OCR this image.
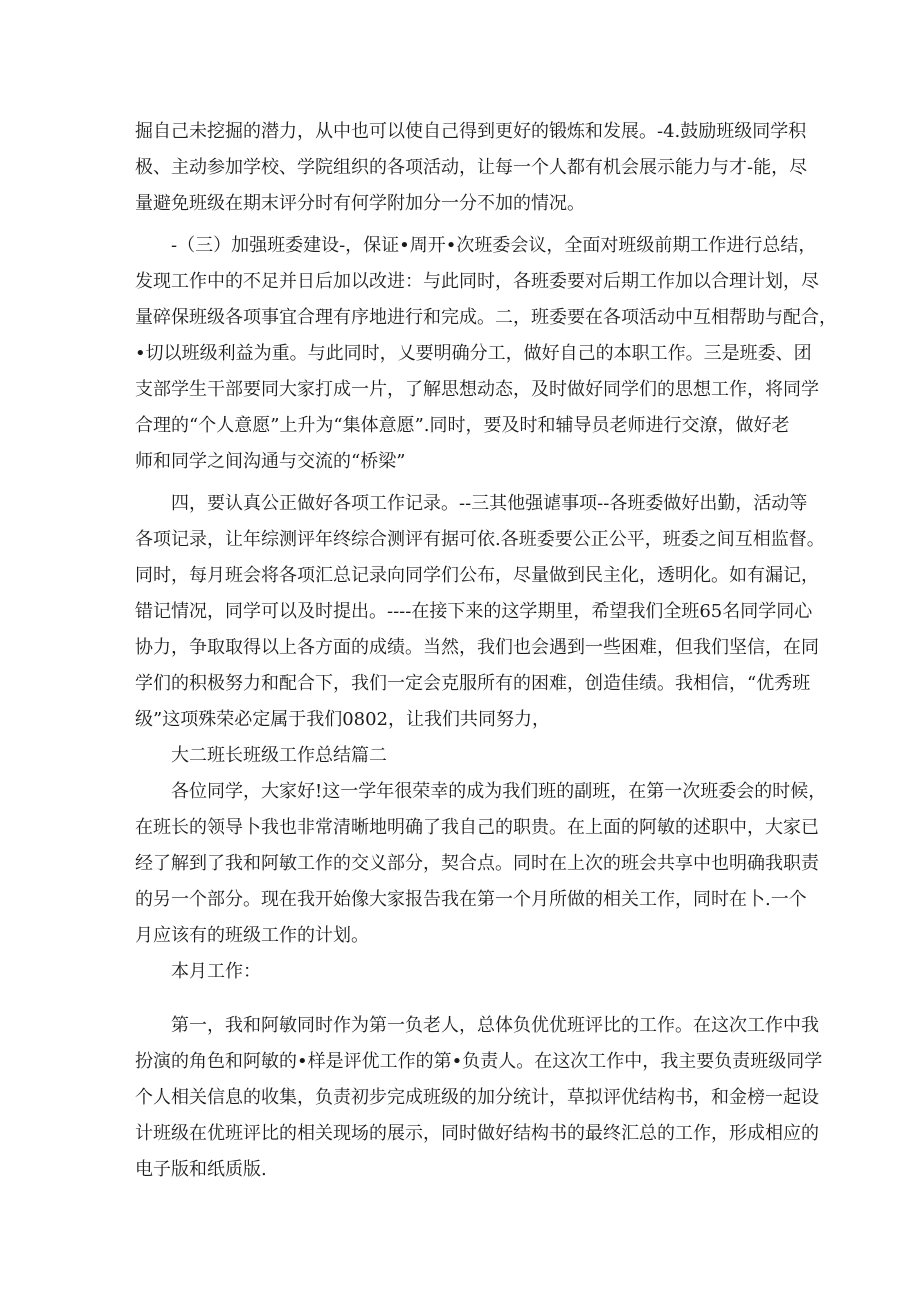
掘自己未挖掘的潜力，从中也可以使自己得到更好的锻炼和发展。-4.鼓励班级同学积
极、主动参加学校、学院组织的各项活动，让每一个人都有机会展示能力与才-能，尽
量避免班级在期末评分时有何学附加分一分不加的情况。

-（三）加强班委建设-，保证•周开•次班委会议，全面对班级前期工作进行总结，
发现工作中的不足并日后加以改进：与此同时，各班委要对后期工作加以合理计划，尽
量碎保班级各项事宜合理有序地进行和完成。二，班委要在各项活动中互相帮助与配合，
•切以班级利益为重。与此同时，乂要明确分工，做好自己的本职工作。三是班委、团
支部学生干部要同大家打成一片，了解思想动态，及时做好同学们的思想工作，将同学
合理的“个人意愿”上升为“集体意愿”.同时，要及时和辅导员老师进行交潦，做好老
师和同学之间沟通与交流的“桥梁”

四，要认真公正做好各项工作记录。--三其他强谑事项--各班委做好出勤，活动等
各项记录，让年综测评年终综合测评有据可依.各班委要公正公平，班委之间互相监督。
同时，每月班会将各项汇总记录向同学们公布，尽量做到民主化，透明化。如有漏记，
错记情况，同学可以及时提出。----在接下来的这学期里，希望我们全班65名同学同心
协力，争取取得以上各方面的成绩。当然，我们也会遇到一些困难，但我们坚信，在同
学们的积极努力和配合下，我们一定会克服所有的困难，创造佳绩。我相信，“优秀班
级”这项殊荣必定属于我们0802，让我们共同努力，

大二班长班级工作总结篇二

各位同学，大家好!这一学年很荣幸的成为我们班的副班，在第一次班委会的时候，
在班长的领导卜我也非常清晰地明确了我自己的职贵。在上面的阿敏的述职中，大家已
经了解到了我和阿敏工作的交义部分，契合点。同时在上次的班会共享中也明确我职责
的另一个部分。现在我开始像大家报告我在第一个月所做的相关工作，同时在卜.一个
月应该有的班级工作的计划。

本月工作：

第一，我和阿敏同时作为第一负老人，总体负优优班评比的工作。在这次工作中我
扮演的角色和阿敏的•样是评优工作的第•负责人。在这次工作中，我主要负责班级同学
个人相关信息的收集，负责初步完成班级的加分统计，草拟评优结构书，和金榜一起设
计班级在优班评比的相关现场的展示，同时做好结构书的最终汇总的工作，形成相应的
电子版和纸质版.
